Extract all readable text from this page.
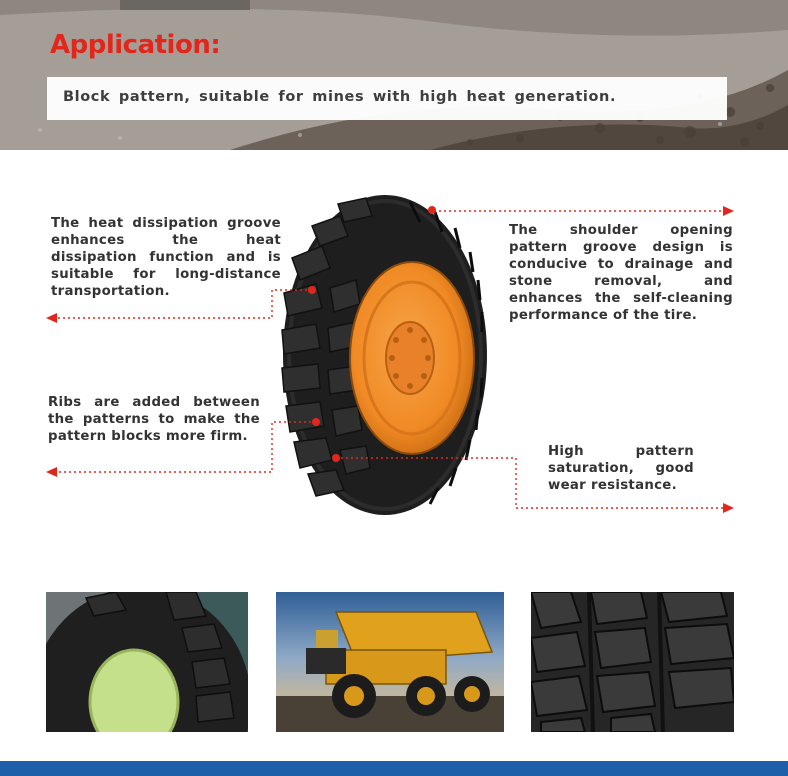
Application:
Block pattern, suitable for mines with high heat generation.

The heat dissipation groove enhances the heat dissipation function and is suitable for long-distance transportation.

The shoulder opening pattern groove design is conducive to drainage and stone removal, and enhances the self-cleaning performance of the tire.

Ribs are added between the patterns to make the pattern blocks more firm.

High pattern saturation, good wear resistance.
